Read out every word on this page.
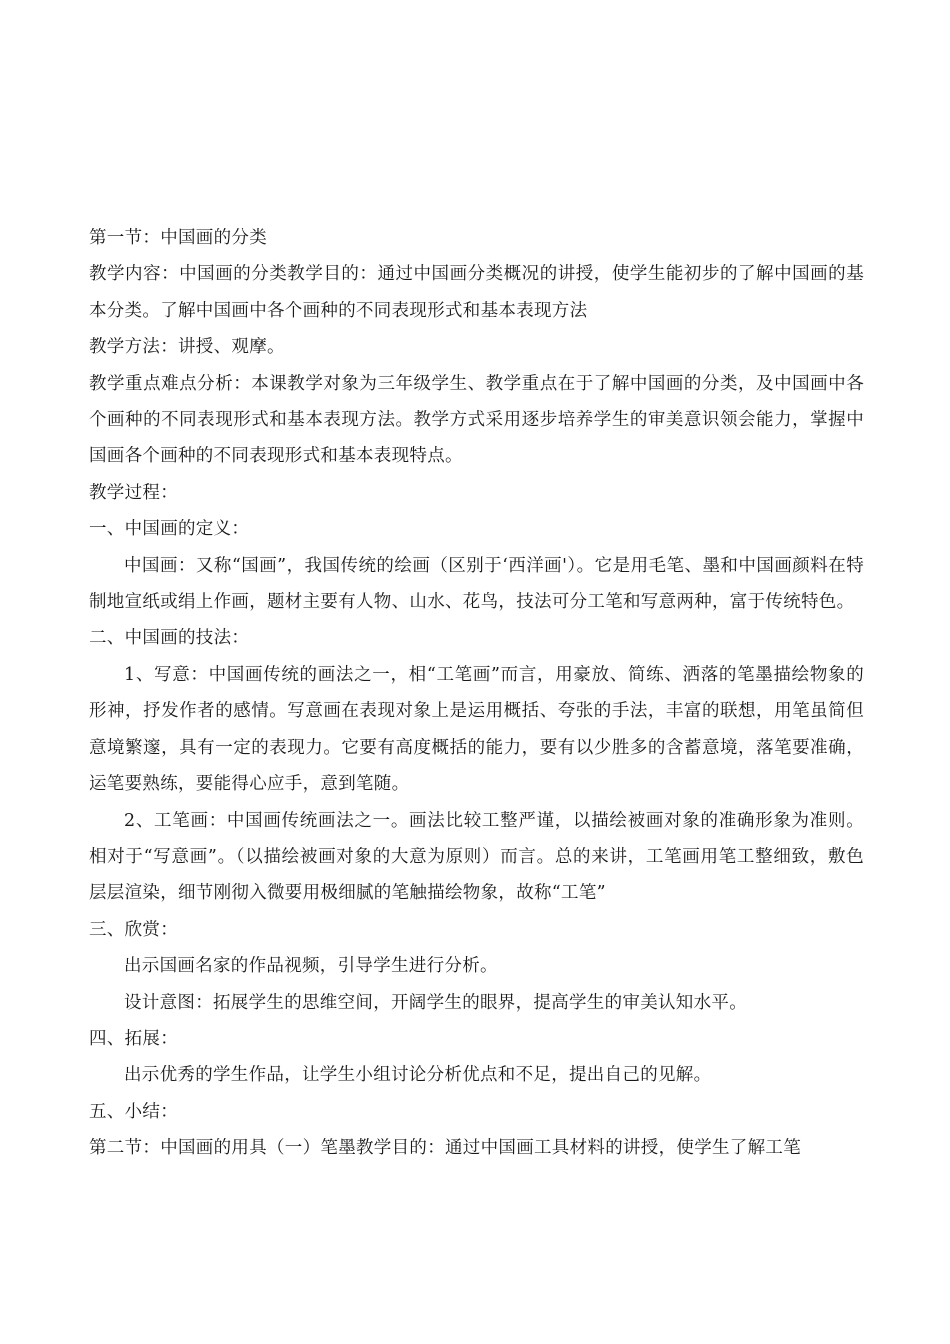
第一节：中国画的分类

教学内容：中国画的分类教学目的：通过中国画分类概况的讲授，使学生能初步的了解中国画的基本分类。了解中国画中各个画种的不同表现形式和基本表现方法

教学方法：讲授、观摩。

教学重点难点分析：本课教学对象为三年级学生、教学重点在于了解中国画的分类，及中国画中各个画种的不同表现形式和基本表现方法。教学方式采用逐步培养学生的审美意识领会能力，掌握中国画各个画种的不同表现形式和基本表现特点。

教学过程：

一、中国画的定义：

中国画：又称“国画”，我国传统的绘画（区别于‘西洋画'）。它是用毛笔、墨和中国画颜料在特制地宣纸或绢上作画，题材主要有人物、山水、花鸟，技法可分工笔和写意两种，富于传统特色。

二、中国画的技法：

1、写意：中国画传统的画法之一，相“工笔画”而言，用豪放、简练、洒落的笔墨描绘物象的形神，抒发作者的感情。写意画在表现对象上是运用概括、夸张的手法，丰富的联想，用笔虽简但意境繁邃，具有一定的表现力。它要有高度概括的能力，要有以少胜多的含蓄意境，落笔要准确，运笔要熟练，要能得心应手，意到笔随。

2、工笔画：中国画传统画法之一。画法比较工整严谨，以描绘被画对象的准确形象为准则。相对于“写意画”。（以描绘被画对象的大意为原则）而言。总的来讲，工笔画用笔工整细致，敷色层层渲染，细节刚彻入微要用极细腻的笔触描绘物象，故称“工笔”

三、欣赏：

出示国画名家的作品视频，引导学生进行分析。

设计意图：拓展学生的思维空间，开阔学生的眼界，提高学生的审美认知水平。

四、拓展：

出示优秀的学生作品，让学生小组讨论分析优点和不足，提出自己的见解。

五、小结：

第二节：中国画的用具（一）笔墨教学目的：通过中国画工具材料的讲授，使学生了解工笔
